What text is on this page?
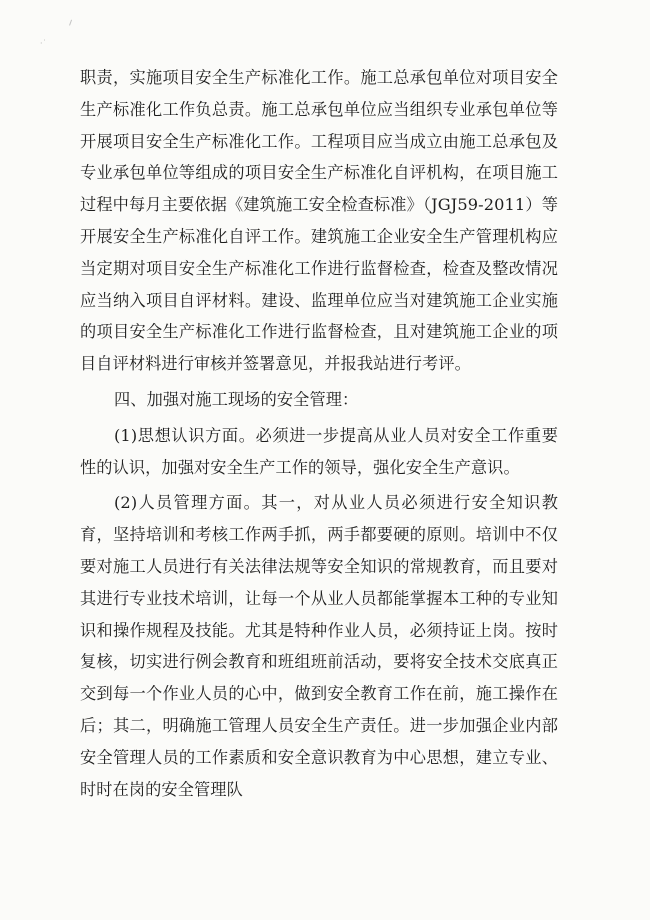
·˙

职责，实施项目安全生产标准化工作。施工总承包单位对项目安全生产标准化工作负总责。施工总承包单位应当组织专业承包单位等开展项目安全生产标准化工作。工程项目应当成立由施工总承包及专业承包单位等组成的项目安全生产标准化自评机构，在项目施工过程中每月主要依据《建筑施工安全检查标准》（JGJ59-2011）等开展安全生产标准化自评工作。建筑施工企业安全生产管理机构应当定期对项目安全生产标准化工作进行监督检查，检查及整改情况应当纳入项目自评材料。建设、监理单位应当对建筑施工企业实施的项目安全生产标准化工作进行监督检查，且对建筑施工企业的项目自评材料进行审核并签署意见，并报我站进行考评。

四、加强对施工现场的安全管理：

(1)思想认识方面。必须进一步提高从业人员对安全工作重要性的认识，加强对安全生产工作的领导，强化安全生产意识。

(2)人员管理方面。其一，对从业人员必须进行安全知识教育，坚持培训和考核工作两手抓，两手都要硬的原则。培训中不仅要对施工人员进行有关法律法规等安全知识的常规教育，而且要对其进行专业技术培训，让每一个从业人员都能掌握本工种的专业知识和操作规程及技能。尤其是特种作业人员，必须持证上岗。按时复核，切实进行例会教育和班组班前活动，要将安全技术交底真正交到每一个作业人员的心中，做到安全教育工作在前，施工操作在后；其二，明确施工管理人员安全生产责任。进一步加强企业内部安全管理人员的工作素质和安全意识教育为中心思想，建立专业、时时在岗的安全管理队
